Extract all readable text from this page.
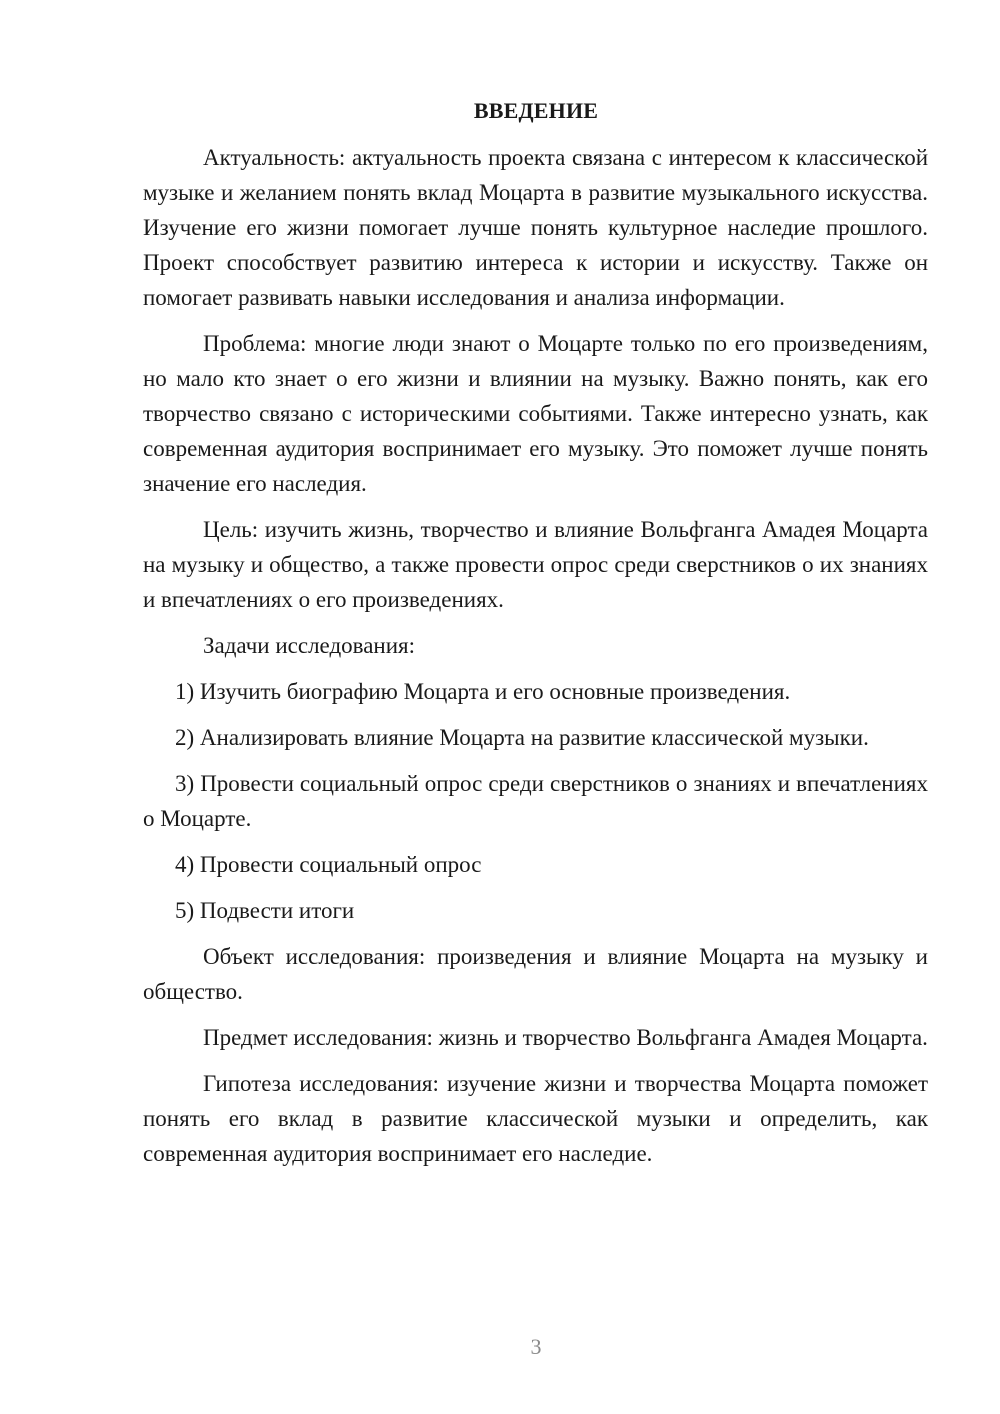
ВВЕДЕНИЕ

Актуальность: актуальность проекта связана с интересом к классической музыке и желанием понять вклад Моцарта в развитие музыкального искусства. Изучение его жизни помогает лучше понять культурное наследие прошлого. Проект способствует развитию интереса к истории и искусству. Также он помогает развивать навыки исследования и анализа информации.

Проблема: многие люди знают о Моцарте только по его произведениям, но мало кто знает о его жизни и влиянии на музыку. Важно понять, как его творчество связано с историческими событиями. Также интересно узнать, как современная аудитория воспринимает его музыку. Это поможет лучше понять значение его наследия.

Цель: изучить жизнь, творчество и влияние Вольфганга Амадея Моцарта на музыку и общество, а также провести опрос среди сверстников о их знаниях и впечатлениях о его произведениях.

Задачи исследования:

1) Изучить биографию Моцарта и его основные произведения.

2) Анализировать влияние Моцарта на развитие классической музыки.

3) Провести социальный опрос среди сверстников о знаниях и впечатлениях о Моцарте.

4) Провести социальный опрос

5) Подвести итоги

Объект исследования: произведения и влияние Моцарта на музыку и общество.

Предмет исследования: жизнь и творчество Вольфганга Амадея Моцарта.

Гипотеза исследования: изучение жизни и творчества Моцарта поможет понять его вклад в развитие классической музыки и определить, как современная аудитория воспринимает его наследие.

3
